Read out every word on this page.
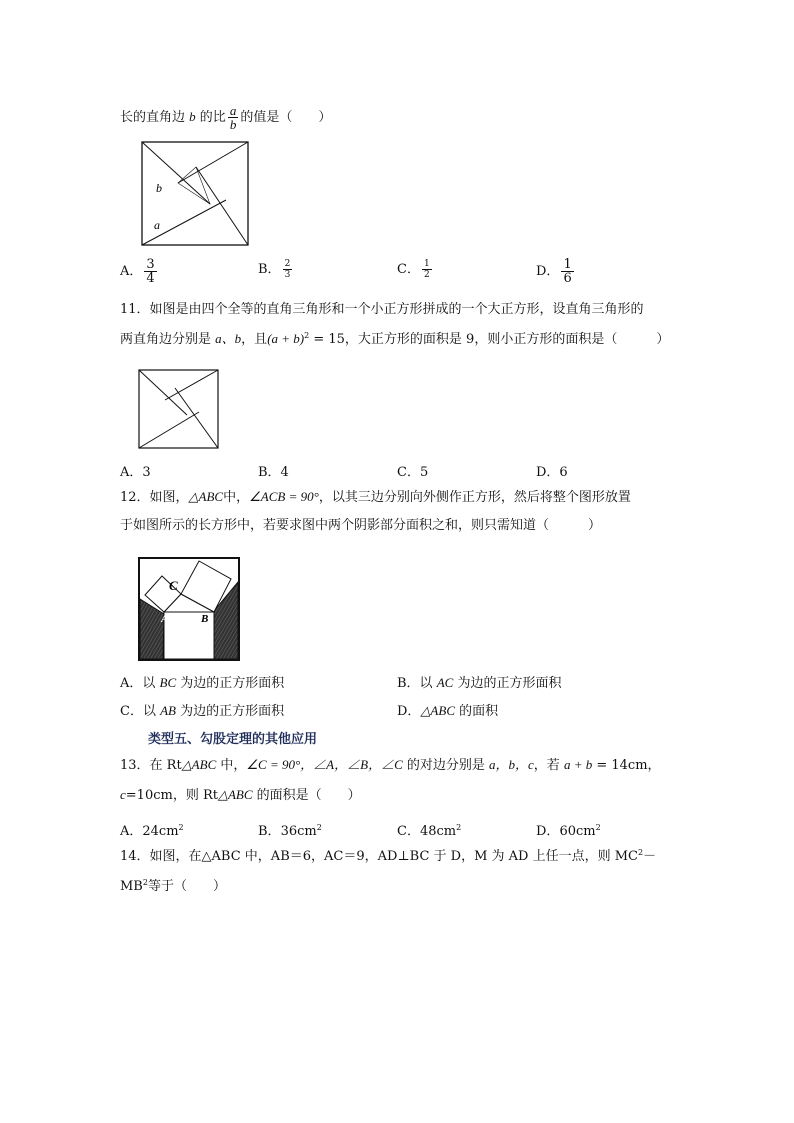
长的直角边 b 的比 $\frac{a}{b}$ 的值是（　　）
b
a
A． $\frac{3}{4}$	B． $\frac{2}{3}$	C． $\frac{1}{2}$	D． $\frac{1}{6}$
11．如图是由四个全等的直角三角形和一个小正方形拼成的一个大正方形，设直角三角形的
两直角边分别是 a、b，且$(a + b)^2 = 15$，大正方形的面积是 9，则小正方形的面积是（　　　）
A．3	B．4	C．5	D．6
12．如图，△ABC中，∠ACB = 90°，以其三边分别向外侧作正方形，然后将整个图形放置
于如图所示的长方形中，若要求图中两个阴影部分面积之和，则只需知道（　　　）
C
A	B
A．以 BC 为边的正方形面积	B．以 AC 为边的正方形面积
C．以 AB 为边的正方形面积	D．△ABC 的面积
类型五、勾股定理的其他应用
13．在 Rt△ABC 中，∠C = 90°，∠A，∠B，∠C 的对边分别是 a，b，c，若 a + b = 14cm，
c=10cm，则 Rt△ABC 的面积是（　　）
A．$24cm^2$	B．$36cm^2$	C．$48cm^2$	D．$60cm^2$
14．如图，在△ABC 中，AB＝6，AC＝9，AD⊥BC 于 D，M 为 AD 上任一点，则 $MC^2-$
$MB^2$等于（　　）
